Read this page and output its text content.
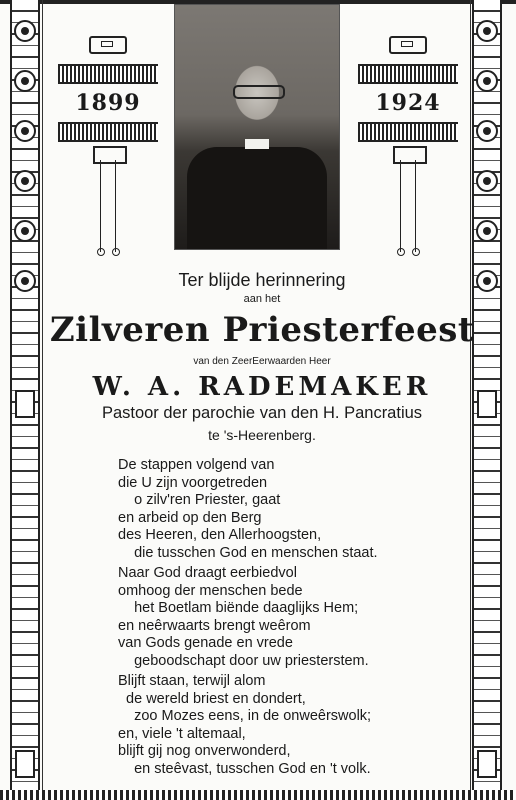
1899	1924
Ter blijde herinnering
aan het
Zilveren Priesterfeest
van den ZeerEerwaarden Heer
W. A. RADEMAKER
Pastoor der parochie van den H. Pancratius
te 's-Heerenberg.

De stappen volgend van

die U zijn voorgetreden

o zilv'ren Priester, gaat

en arbeid op den Berg

des Heeren, den Allerhoogsten,

die tusschen God en menschen staat.

Naar God draagt eerbiedvol

omhoog der menschen bede

het Boetlam biënde daaglijks Hem;

en neêrwaarts brengt weêrom

van Gods genade en vrede

geboodschapt door uw priesterstem.

Blijft staan, terwijl alom

de wereld briest en dondert,

zoo Mozes eens, in de onweêrswolk;

en, viele 't altemaal,

blijft gij nog onverwonderd,

en steêvast, tusschen God en 't volk.
